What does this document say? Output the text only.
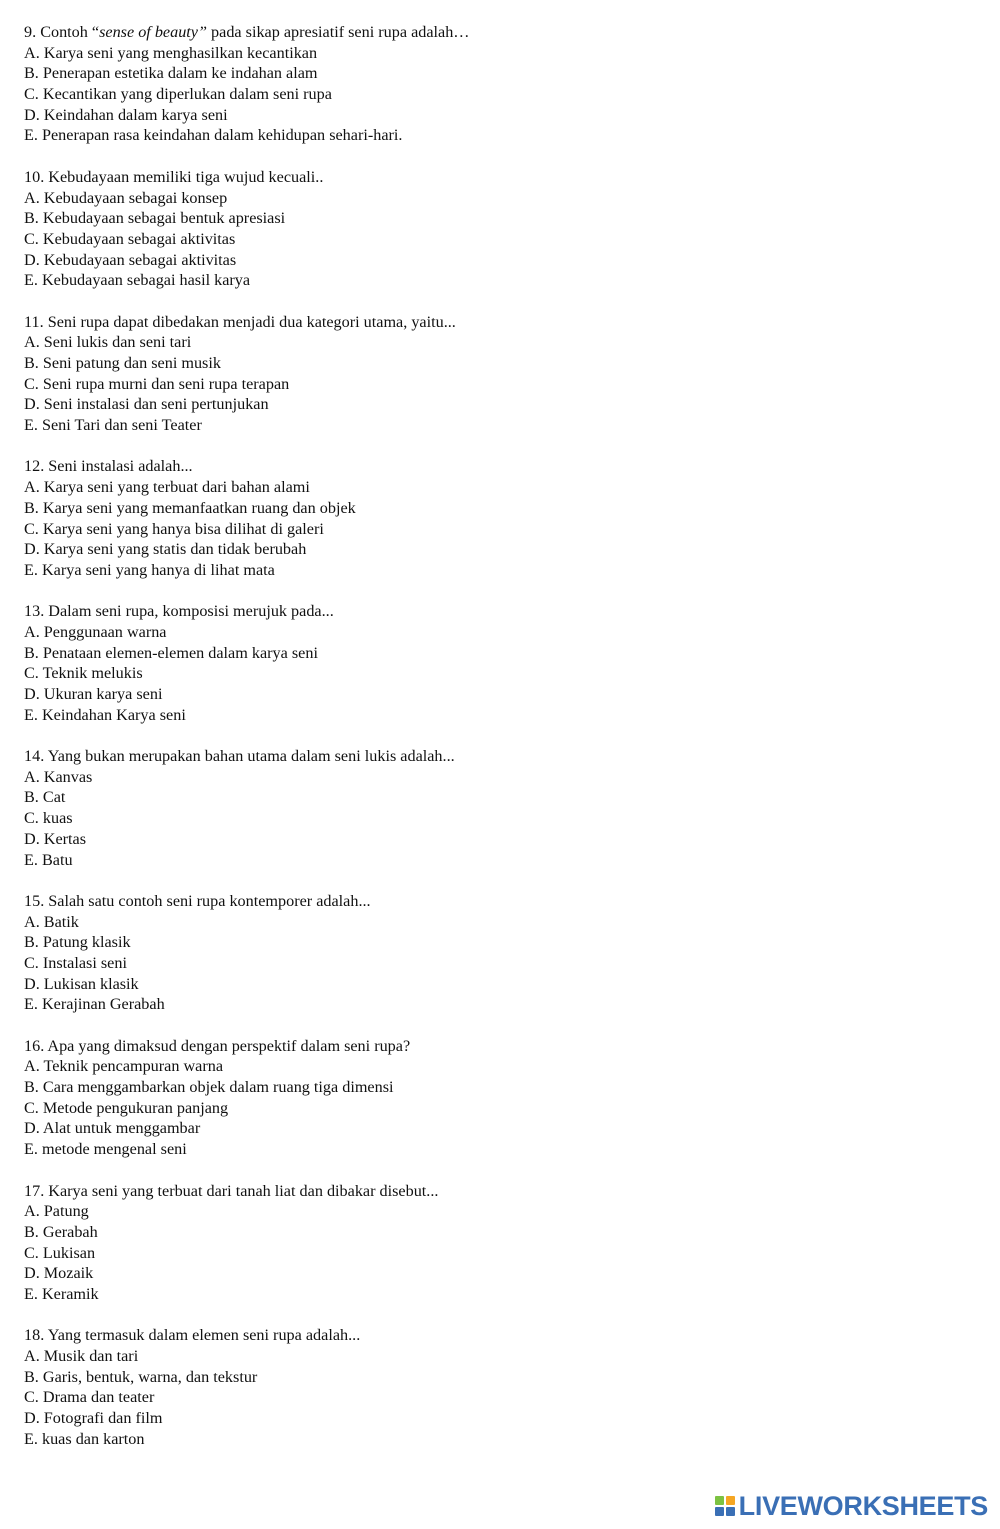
9. Contoh “sense of beauty” pada sikap apresiatif seni rupa adalah…
A. Karya seni yang menghasilkan kecantikan
B. Penerapan estetika dalam ke indahan alam
C. Kecantikan yang diperlukan dalam seni rupa
D. Keindahan dalam karya seni
E. Penerapan rasa keindahan dalam kehidupan sehari-hari.
10. Kebudayaan memiliki tiga wujud kecuali..
A. Kebudayaan sebagai konsep
B. Kebudayaan sebagai bentuk apresiasi
C. Kebudayaan sebagai aktivitas
D. Kebudayaan sebagai aktivitas
E. Kebudayaan sebagai hasil karya
11. Seni rupa dapat dibedakan menjadi dua kategori utama, yaitu...
A. Seni lukis dan seni tari
B. Seni patung dan seni musik
C. Seni rupa murni dan seni rupa terapan
D. Seni instalasi dan seni pertunjukan
E. Seni Tari dan seni Teater
12. Seni instalasi adalah...
A. Karya seni yang terbuat dari bahan alami
B. Karya seni yang memanfaatkan ruang dan objek
C. Karya seni yang hanya bisa dilihat di galeri
D. Karya seni yang statis dan tidak berubah
E. Karya seni yang hanya di lihat mata
13. Dalam seni rupa, komposisi merujuk pada...
A. Penggunaan warna
B. Penataan elemen-elemen dalam karya seni
C. Teknik melukis
D. Ukuran karya seni
E. Keindahan Karya seni
14. Yang bukan merupakan bahan utama dalam seni lukis adalah...
A. Kanvas
B. Cat
C. kuas
D. Kertas
E. Batu
15. Salah satu contoh seni rupa kontemporer adalah...
A. Batik
B. Patung klasik
C. Instalasi seni
D. Lukisan klasik
E. Kerajinan Gerabah
16. Apa yang dimaksud dengan perspektif dalam seni rupa?
A. Teknik pencampuran warna
B. Cara menggambarkan objek dalam ruang tiga dimensi
C. Metode pengukuran panjang
D. Alat untuk menggambar
E. metode mengenal seni
17. Karya seni yang terbuat dari tanah liat dan dibakar disebut...
A. Patung
B. Gerabah
C. Lukisan
D. Mozaik
E. Keramik
18. Yang termasuk dalam elemen seni rupa adalah...
A. Musik dan tari
B. Garis, bentuk, warna, dan tekstur
C. Drama dan teater
D. Fotografi dan film
E. kuas dan karton
LIVEWORKSHEETS
